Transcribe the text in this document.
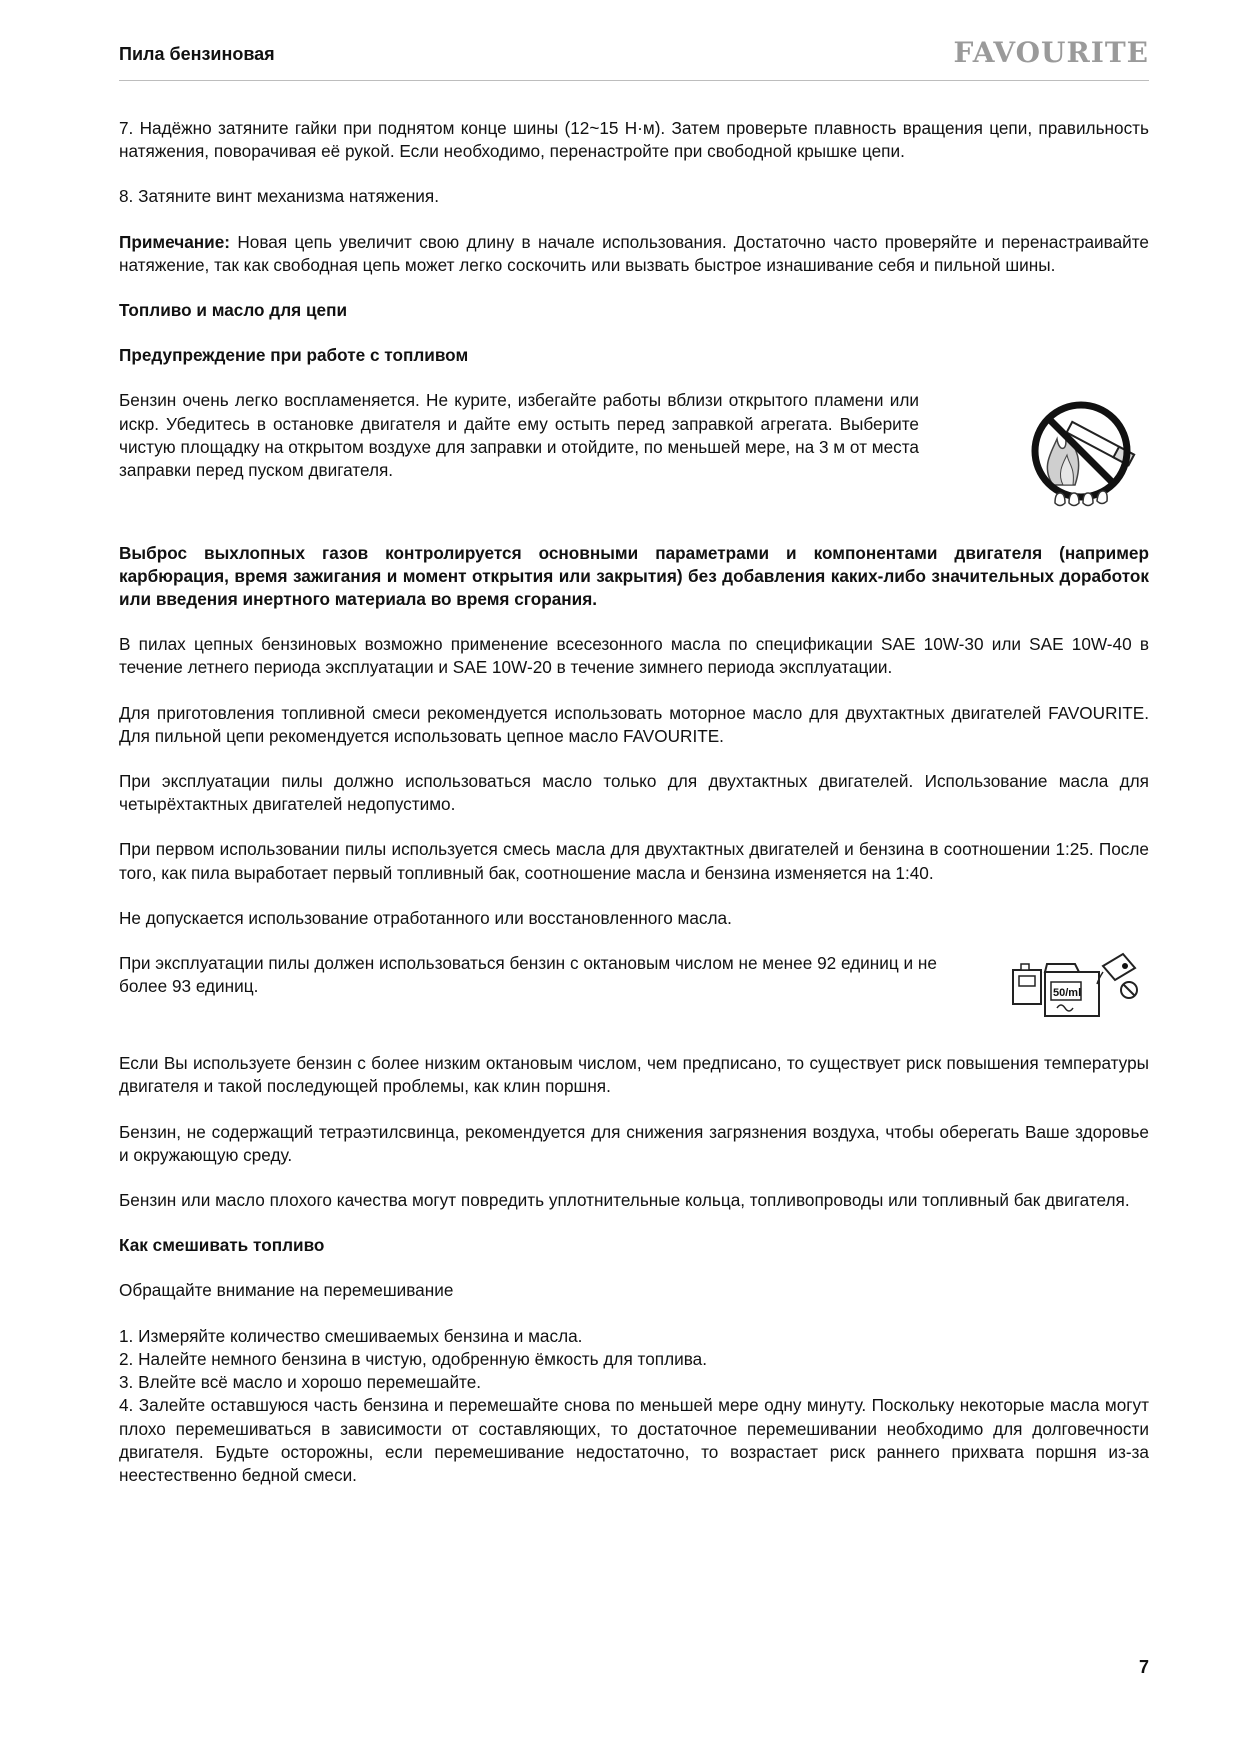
Пила бензиновая	FAVOURITE

7. Надёжно затяните гайки при поднятом конце шины (12~15 Н·м). Затем проверьте плавность вращения цепи, правильность натяжения, поворачивая её рукой. Если необходимо, перенастройте при свободной крышке цепи.

8. Затяните винт механизма натяжения.

Примечание: Новая цепь увеличит свою длину в начале использования. Достаточно часто проверяйте и перенастраивайте натяжение, так как свободная цепь может легко соскочить или вызвать быстрое изнашивание себя и пильной шины.

Топливо и масло для цепи

Предупреждение при работе с топливом

Бензин очень легко воспламеняется. Не курите, избегайте работы вблизи открытого пламени или искр. Убедитесь в остановке двигателя и дайте ему остыть перед заправкой агрегата. Выберите чистую площадку на открытом воздухе для заправки и отойдите, по меньшей мере, на 3 м от места заправки перед пуском двигателя.

Выброс выхлопных газов контролируется основными параметрами и компонентами двигателя (например карбюрация, время зажигания и момент открытия или закрытия) без добавления каких-либо значительных доработок или введения инертного материала во время сгорания.

В пилах цепных бензиновых возможно применение всесезонного масла по спецификации SAE 10W-30 или SAE 10W-40 в течение летнего периода эксплуатации и SAE 10W-20 в течение зимнего периода эксплуатации.

Для приготовления топливной смеси рекомендуется использовать моторное масло для двухтактных двигателей FAVOURITE. Для пильной цепи рекомендуется использовать цепное масло FAVOURITE.

При эксплуатации пилы должно использоваться масло только для двухтактных двигателей. Использование масла для четырёхтактных двигателей недопустимо.

При первом использовании пилы используется смесь масла для двухтактных двигателей и бензина в соотношении 1:25. После того, как пила выработает первый топливный бак, соотношение масла и бензина изменяется на 1:40.

Не допускается использование отработанного или восстановленного масла.

При эксплуатации пилы должен использоваться бензин с октановым числом не менее 92 единиц и не более 93 единиц.	50/ml

Если Вы используете бензин с более низким октановым числом, чем предписано, то существует риск повышения температуры двигателя и такой последующей проблемы, как клин поршня.

Бензин, не содержащий тетраэтилсвинца, рекомендуется для снижения загрязнения воздуха, чтобы оберегать Ваше здоровье и окружающую среду.

Бензин или масло плохого качества могут повредить уплотнительные кольца, топливопроводы или топливный бак двигателя.

Как смешивать топливо

Обращайте внимание на перемешивание

1. Измеряйте количество смешиваемых бензина и масла.

2. Налейте немного бензина в чистую, одобренную ёмкость для топлива.

3. Влейте всё масло и хорошо перемешайте.

4. Залейте оставшуюся часть бензина и перемешайте снова по меньшей мере одну минуту. Поскольку некоторые масла могут плохо перемешиваться в зависимости от составляющих, то достаточное перемешивании необходимо для долговечности двигателя. Будьте осторожны, если перемешивание недостаточно, то возрастает риск раннего прихвата поршня из-за неестественно бедной смеси.

7
